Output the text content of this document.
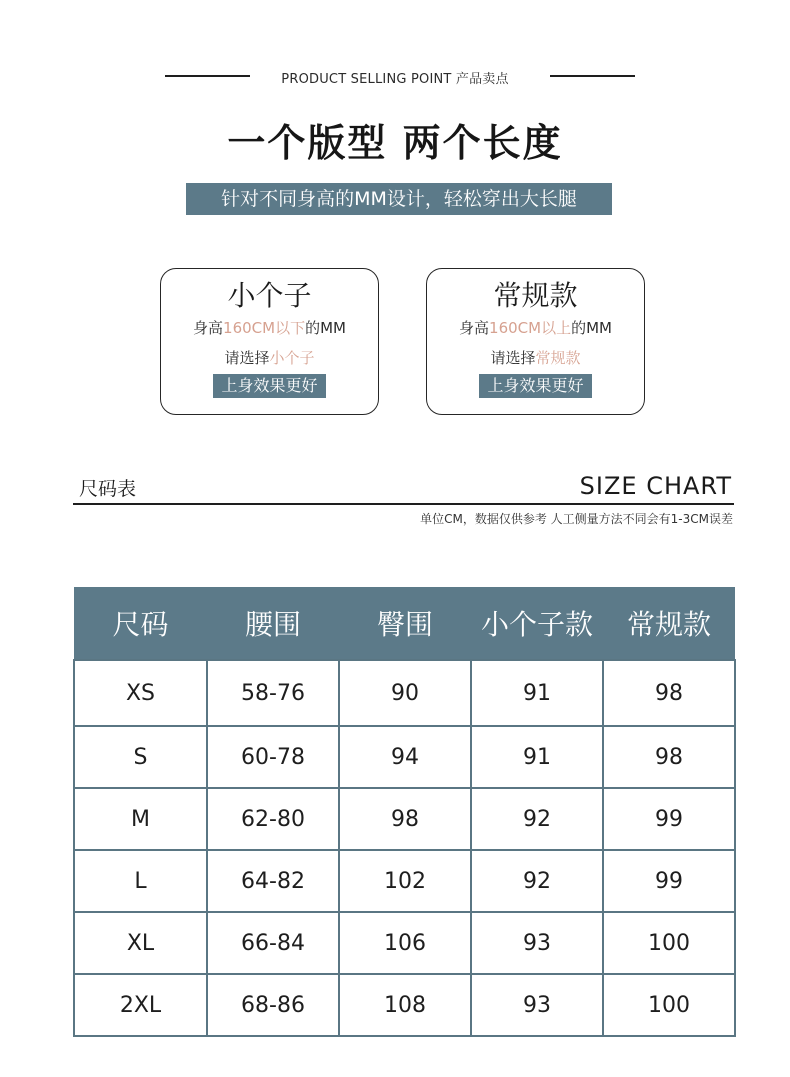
PRODUCT SELLING POINT 产品卖点
一个版型 两个长度
针对不同身高的MM设计，轻松穿出大长腿
小个子
身高160CM以下的MM
请选择小个子
上身效果更好
常规款
身高160CM以上的MM
请选择常规款
上身效果更好
尺码表	SIZE CHART
单位CM，数据仅供参考 人工侧量方法不同会有1-3CM误差
尺码	腰围	臀围	小个子款	常规款
XS	58-76	90	91	98
S	60-78	94	91	98
M	62-80	98	92	99
L	64-82	102	92	99
XL	66-84	106	93	100
2XL	68-86	108	93	100
